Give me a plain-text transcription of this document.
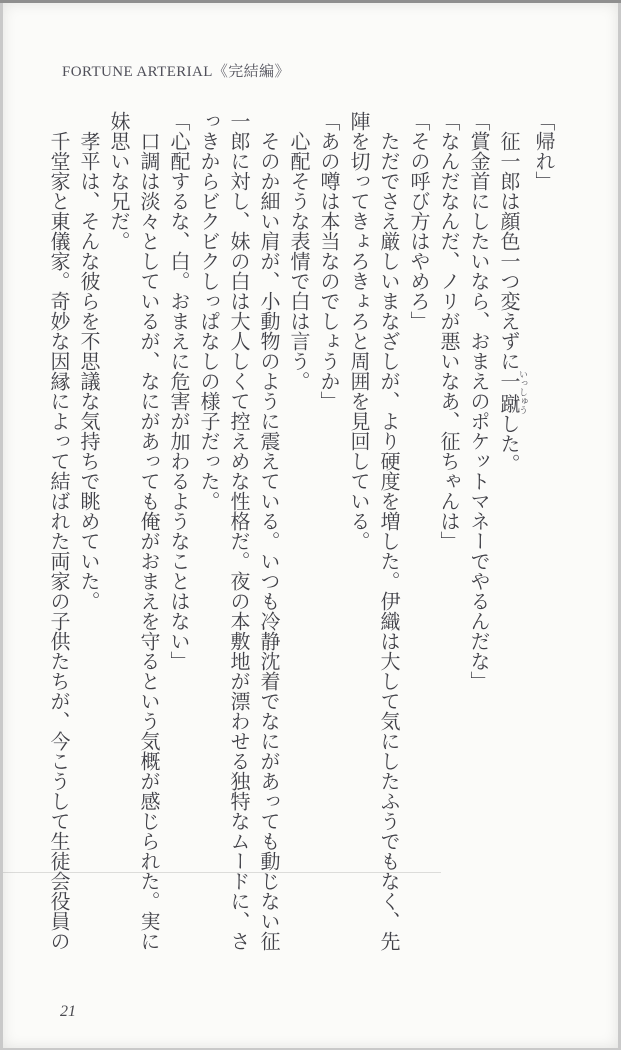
FORTUNE ARTERIAL《完結編》

「帰れ」

征一郎は顔色一つ変えずに一蹴 いっしゅうした。

「賞金首にしたいなら、おまえのポケットマネーでやるんだな」

「なんだなんだ、ノリが悪いなあ、征ちゃんは」

「その呼び方はやめろ」

ただでさえ厳しいまなざしが、より硬度を増した。伊織は大して気にしたふうでもなく、先陣を切ってきょろきょろと周囲を見回している。

「あの噂は本当なのでしょうか」

心配そうな表情で白は言う。

そのか細い肩が、小動物のように震えている。いつも冷静沈着でなにがあっても動じない征一郎に対し、妹の白は大人しくて控えめな性格だ。夜の本敷地が漂わせる独特なムードに、さっきからビクビクしっぱなしの様子だった。

「心配するな、白。おまえに危害が加わるようなことはない」

口調は淡々としているが、なにがあっても俺がおまえを守るという気概が感じられた。実に妹思いな兄だ。

孝平は、そんな彼らを不思議な気持ちで眺めていた。

千堂家と東儀家。奇妙な因縁によって結ばれた両家の子供たちが、今こうして生徒会役員の

21
